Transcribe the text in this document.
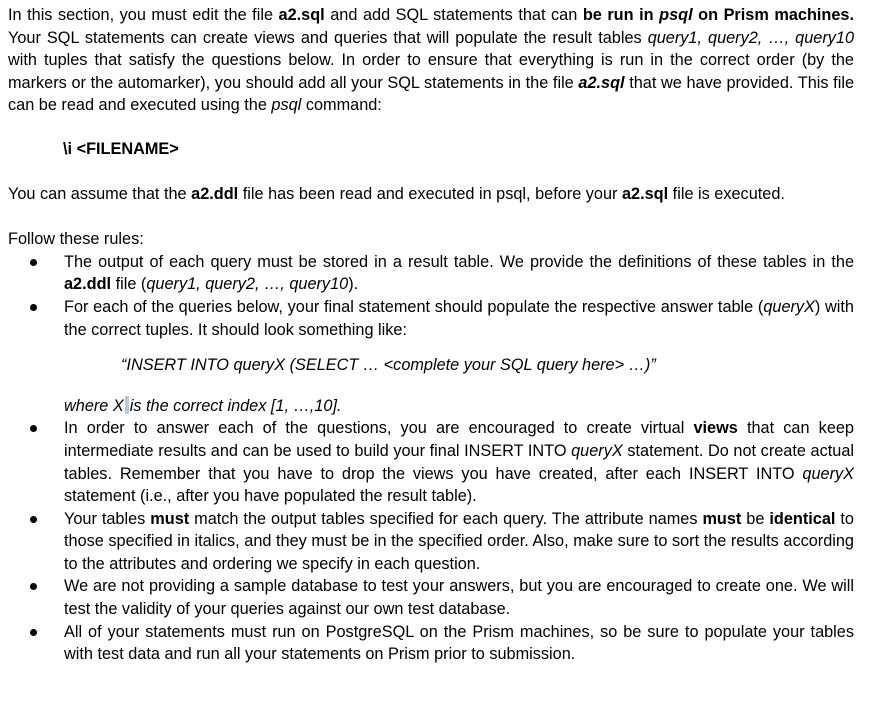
In this section, you must edit the file a2.sql and add SQL statements that can be run in psql on Prism machines. Your SQL statements can create views and queries that will populate the result tables query1, query2, …, query10 with tuples that satisfy the questions below. In order to ensure that everything is run in the correct order (by the markers or the automarker), you should add all your SQL statements in the file a2.sql that we have provided. This file can be read and executed using the psql command:

\i <FILENAME>

You can assume that the a2.ddl file has been read and executed in psql, before your a2.sql file is executed.

Follow these rules:

The output of each query must be stored in a result table. We provide the definitions of these tables in the a2.ddl file (query1, query2, …, query10).
For each of the queries below, your final statement should populate the respective answer table (queryX) with the correct tuples. It should look something like:
“INSERT INTO queryX (SELECT … <complete your SQL query here> …)”
where X is the correct index [1, …,10].
In order to answer each of the questions, you are encouraged to create virtual views that can keep intermediate results and can be used to build your final INSERT INTO queryX statement. Do not create actual tables. Remember that you have to drop the views you have created, after each INSERT INTO queryX statement (i.e., after you have populated the result table).
Your tables must match the output tables specified for each query. The attribute names must be identical to those specified in italics, and they must be in the specified order. Also, make sure to sort the results according to the attributes and ordering we specify in each question.
We are not providing a sample database to test your answers, but you are encouraged to create one. We will test the validity of your queries against our own test database.
All of your statements must run on PostgreSQL on the Prism machines, so be sure to populate your tables with test data and run all your statements on Prism prior to submission.
